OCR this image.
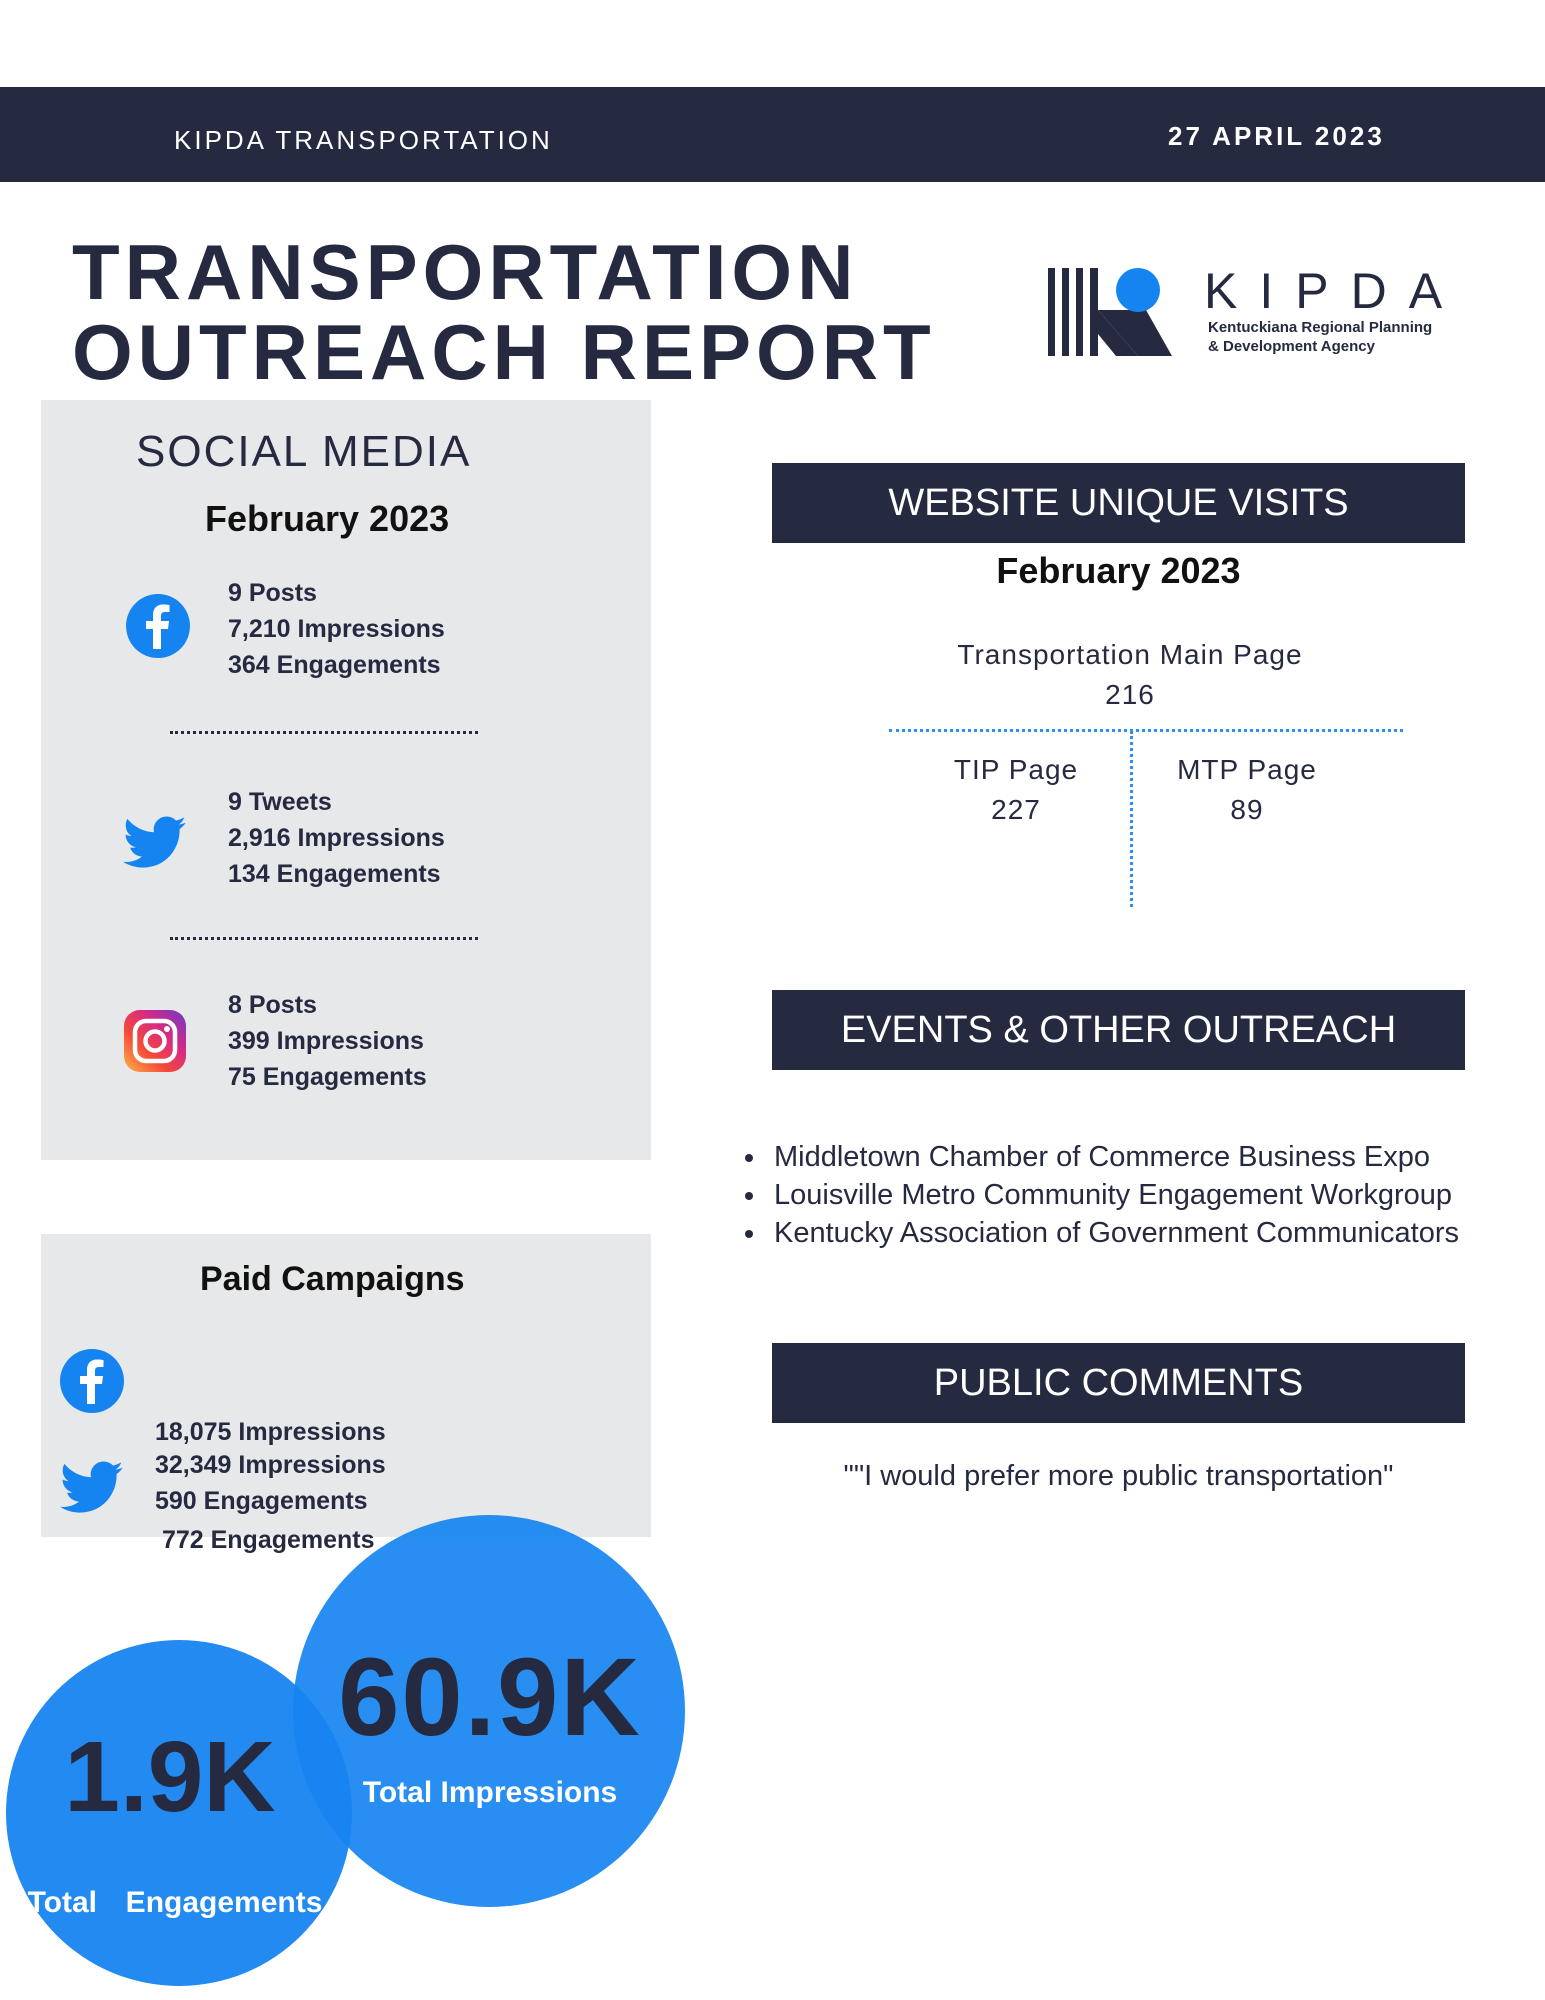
KIPDA TRANSPORTATION	27 APRIL 2023
TRANSPORTATION
OUTREACH REPORT
KIPDA
Kentuckiana Regional Planning
& Development Agency
SOCIAL MEDIA
February 2023
9 Posts
7,210 Impressions
364 Engagements
9 Tweets
2,916 Impressions
134 Engagements
8 Posts
399 Impressions
75 Engagements
Paid Campaigns

18,075 Impressions

772 Engagements

32,349 Impressions
590 Engagements
60.9K
Total Impressions
1.9K
Total  Engagements
WEBSITE UNIQUE VISITS
February 2023
Transportation Main Page
216
TIP Page
227
MTP Page
89
EVENTS & OTHER OUTREACH
• Middletown Chamber of Commerce Business Expo
• Louisville Metro Community Engagement Workgroup
• Kentucky Association of Government Communicators
PUBLIC COMMENTS
""I would prefer more public transportation"
